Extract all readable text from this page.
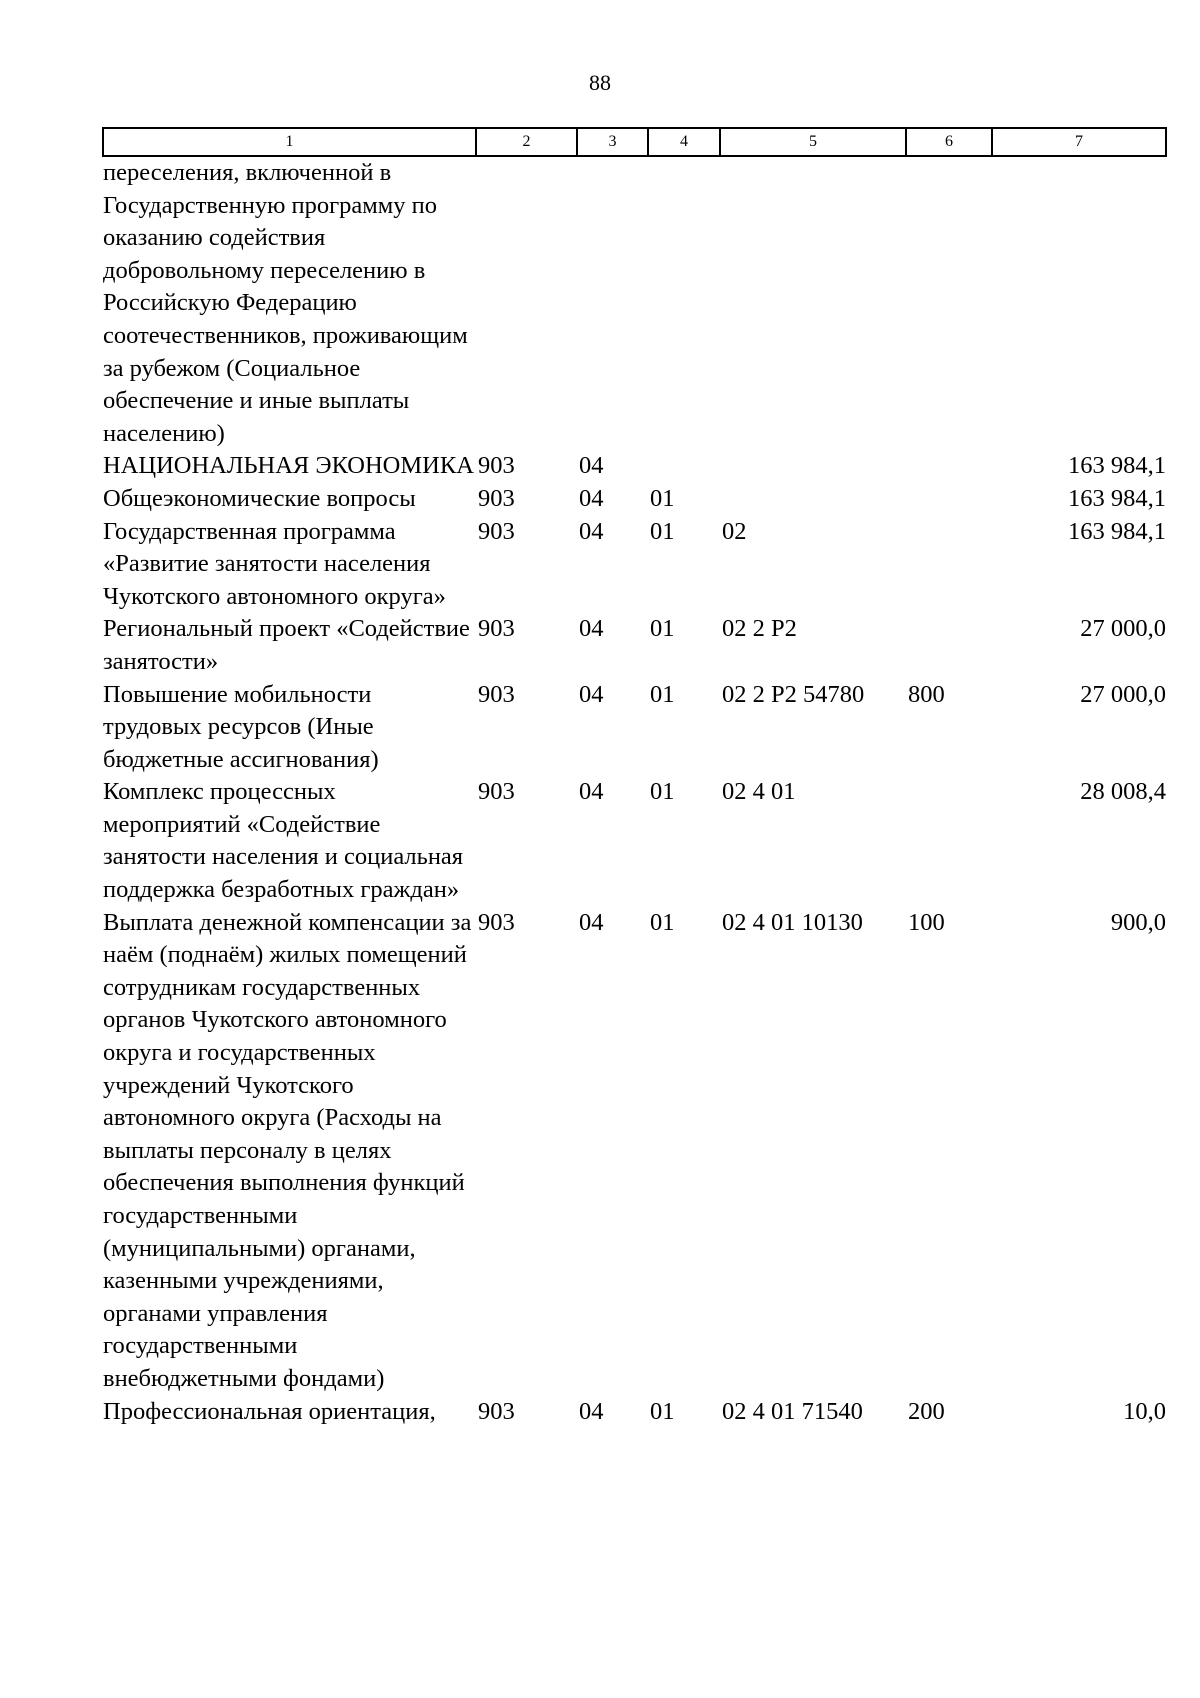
88
1	2	3	4	5	6	7
переселения, включенной в Государственную программу по оказанию содействия добровольному переселению в Российскую Федерацию соотечественников, проживающим за рубежом (Социальное обеспечение и иные выплаты населению)						
НАЦИОНАЛЬНАЯ ЭКОНОМИКА	903	04				163 984,1
Общеэкономические вопросы	903	04	01			163 984,1
Государственная программа «Развитие занятости населения Чукотского автономного округа»	903	04	01	02		163 984,1
Региональный проект «Содействие занятости»	903	04	01	02 2 Р2		27 000,0
Повышение мобильности трудовых ресурсов (Иные бюджетные ассигнования)	903	04	01	02 2 Р2 54780	800	27 000,0
Комплекс процессных мероприятий «Содействие занятости населения и социальная поддержка безработных граждан»	903	04	01	02 4 01		28 008,4
Выплата денежной компенсации за наём (поднаём) жилых помещений сотрудникам государственных органов Чукотского автономного округа и государственных учреждений Чукотского автономного округа (Расходы на выплаты персоналу в целях обеспечения выполнения функций государственными (муниципальными) органами, казенными учреждениями, органами управления государственными внебюджетными фондами)	903	04	01	02 4 01 10130	100	900,0
Профессиональная ориентация,	903	04	01	02 4 01 71540	200	10,0
